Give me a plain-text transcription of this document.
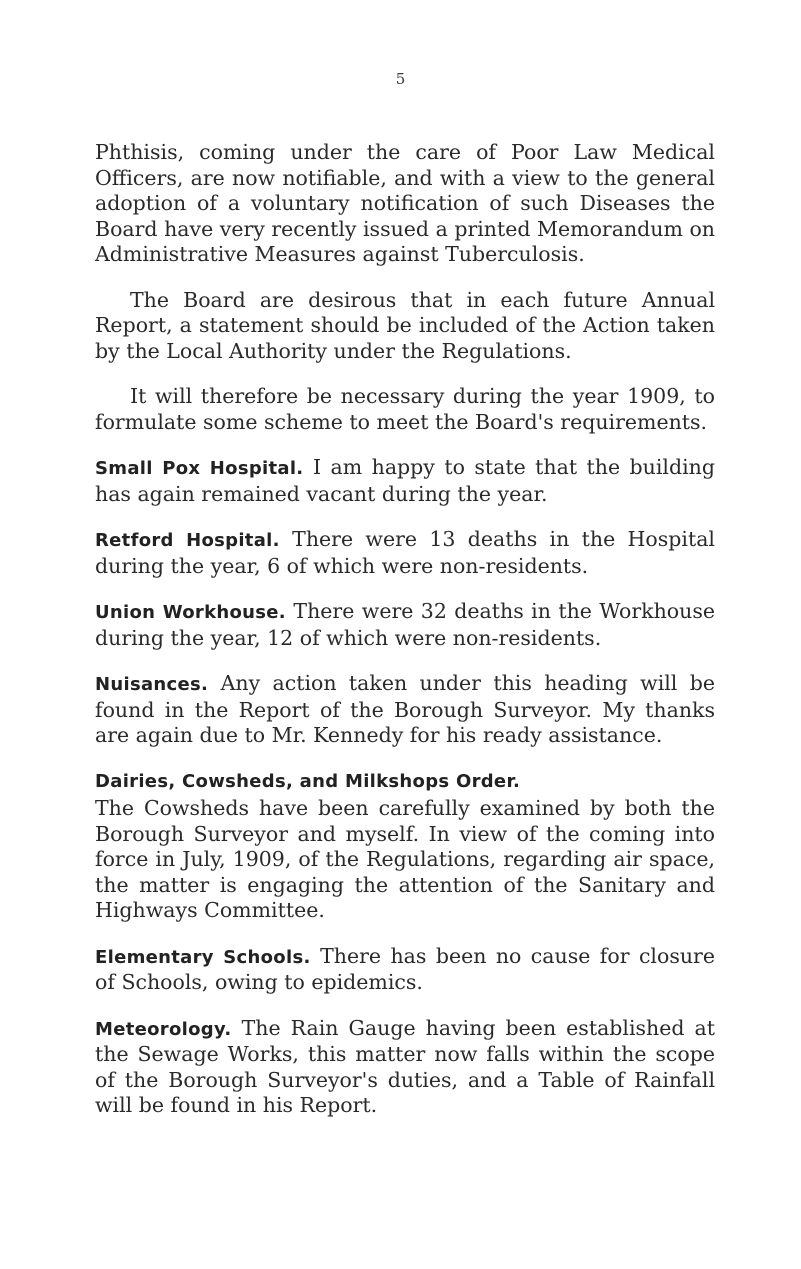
5

Phthisis, coming under the care of Poor Law Medical Officers, are now notifiable, and with a view to the general adoption of a voluntary notification of such Diseases the Board have very recently issued a printed Memorandum on Administrative Measures against Tuberculosis.

The Board are desirous that in each future Annual Report, a statement should be included of the Action taken by the Local Authority under the Regulations.

It will therefore be necessary during the year 1909, to formulate some scheme to meet the Board's requirements.

Small Pox Hospital. I am happy to state that the building has again remained vacant during the year.

Retford Hospital. There were 13 deaths in the Hospital during the year, 6 of which were non-residents.

Union Workhouse. There were 32 deaths in the Workhouse during the year, 12 of which were non-residents.

Nuisances. Any action taken under this heading will be found in the Report of the Borough Surveyor. My thanks are again due to Mr. Kennedy for his ready assistance.

Dairies, Cowsheds, and Milkshops Order.
The Cowsheds have been carefully examined by both the Borough Surveyor and myself. In view of the coming into force in July, 1909, of the Regulations, regarding air space, the matter is engaging the attention of the Sanitary and Highways Committee.

Elementary Schools. There has been no cause for closure of Schools, owing to epidemics.

Meteorology. The Rain Gauge having been established at the Sewage Works, this matter now falls within the scope of the Borough Surveyor's duties, and a Table of Rainfall will be found in his Report.
